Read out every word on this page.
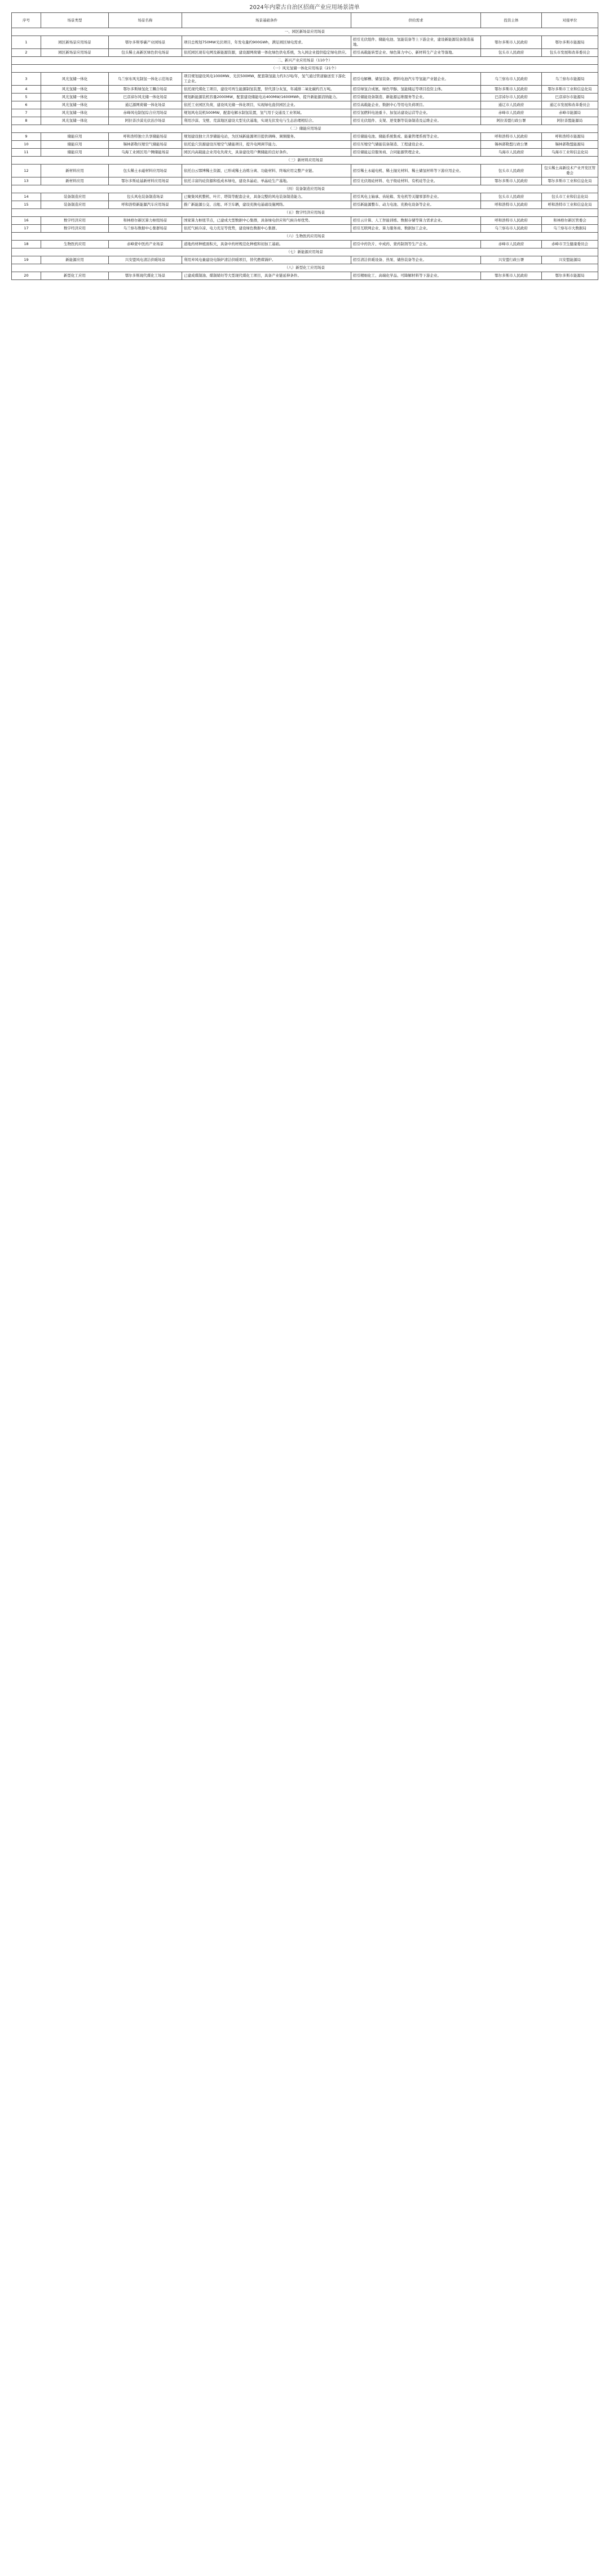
2024年内蒙古自治区招商产业应用场景清单
序号	场景类型	场景名称	场景基础条件	供给需求	投资主体	对接单位
一、园区新场景应用场景						
1	园区新场景应用场景	鄂尔多斯零碳产业园场景	项目总规划750MW光伏项目，年发电量约900GWh，满足园区绿电需求。	招引光伏组件、储能电池、氢能装备等上下游企业，建设新能源装备制造基地。	鄂尔多斯市人民政府	鄂尔多斯市能源局
2	园区新场景应用场景	包头稀土高新区绿色供电场景	依托园区现有电网及新能源资源，建设源网荷储一体化绿色供电系统，为入园企业提供稳定绿电供应。	招引高载能转型企业、绿色算力中心、新材料生产企业等落地。	包头市人民政府	包头市发展和改革委员会
二、新兴产业应用场景（110个）						
（一）风光氢储一体化应用场景（21个）						
3	风光氢储一体化	乌兰察布风光制氢一体化示范场景	项目规划建设风电1000MW、光伏500MW，配套制氢能力约3万吨/年，氢气通过管道输送至下游化工企业。	招引电解槽、储氢装备、燃料电池汽车等氢能产业链企业。	乌兰察布市人民政府	乌兰察布市能源局
4	风光氢储一体化	鄂尔多斯绿氢化工耦合场景	依托现代煤化工项目，建设可再生能源制氢装置，替代部分灰氢，年减排二氧化碳约百万吨。	招引绿氢合成氨、绿色甲醇、氢能储运等项目投资主体。	鄂尔多斯市人民政府	鄂尔多斯市工业和信息化局
5	风光氢储一体化	巴彦淖尔风光储一体化场景	规划新能源装机容量2000MW，配套建设储能电站400MW/1600MWh，提升新能源消纳能力。	招引储能设备制造、新能源运维服务等企业。	巴彦淖尔市人民政府	巴彦淖尔市能源局
6	风光氢储一体化	通辽源网荷储一体化场景	依托工业园区负荷，建设风光储一体化项目，实现绿电直供园区企业。	招引高载能企业、数据中心等用电负荷项目。	通辽市人民政府	通辽市发展和改革委员会
7	风光氢储一体化	赤峰风电制氢综合应用场景	规划风电装机500MW，配套电解水制氢装置，氢气用于交通及工业领域。	招引氢燃料电池重卡、加氢站建设运营等企业。	赤峰市人民政府	赤峰市能源局
8	风光氢储一体化	阿拉善沙漠光伏治沙场景	利用沙漠、戈壁、荒漠地区建设大型光伏基地，实现光伏发电与生态治理相结合。	招引光伏组件、支架、逆变器等装备制造及运维企业。	阿拉善盟行政公署	阿拉善盟能源局
（二）储能应用场景						
9	储能应用	呼和浩特独立共享储能场景	规划建设独立共享储能电站，为区域新能源项目提供调峰、调频服务。	招引储能电池、储能系统集成、能量管理系统等企业。	呼和浩特市人民政府	呼和浩特市能源局
10	储能应用	锡林郭勒压缩空气储能场景	依托盐穴资源建设压缩空气储能项目，提升电网调节能力。	招引压缩空气储能装备制造、工程建设企业。	锡林郭勒盟行政公署	锡林郭勒盟能源局
11	储能应用	乌海工业园区用户侧储能场景	园区内高载能企业用电负荷大，具备建设用户侧储能的良好条件。	招引储能运营服务商、合同能源管理企业。	乌海市人民政府	乌海市工业和信息化局
（三）新材料应用场景						
12	新材料应用	包头稀土永磁材料应用场景	依托白云鄂博稀土资源，已形成稀土冶炼分离、功能材料、终端应用完整产业链。	招引稀土永磁电机、稀土抛光材料、稀土储氢材料等下游应用企业。	包头市人民政府	包头稀土高新技术产业开发区管委会
13	新材料应用	鄂尔多斯硅基新材料应用场景	依托丰富的硅资源和低成本绿电，建设多晶硅、单晶硅生产基地。	招引光伏级硅材料、电子级硅材料、有机硅等企业。	鄂尔多斯市人民政府	鄂尔多斯市工业和信息化局
（四）装备制造应用场景						
14	装备制造应用	包头风电装备制造场景	已聚集风机整机、叶片、塔筒等配套企业，具备完整的风电装备制造能力。	招引风电主轴承、齿轮箱、发电机等关键零部件企业。	包头市人民政府	包头市工业和信息化局
15	装备制造应用	呼和浩特新能源汽车应用场景	推广新能源公交、出租、环卫车辆，建设充换电基础设施网络。	招引新能源整车、动力电池、充换电设备等企业。	呼和浩特市人民政府	呼和浩特市工业和信息化局
（五）数字经济应用场景						
16	数字经济应用	和林格尔新区算力枢纽场景	国家算力枢纽节点，已建成大型数据中心集群，具备绿电供应和气候冷却优势。	招引云计算、人工智能训练、数据存储等算力需求企业。	呼和浩特市人民政府	和林格尔新区管委会
17	数字经济应用	乌兰察布数据中心集群场景	依托气候冷凉、电力充足等优势，建设绿色数据中心集群。	招引互联网企业、算力服务商、数据加工企业。	乌兰察布市人民政府	乌兰察布市大数据局
（六）生物医药应用场景						
18	生物医药应用	赤峰蒙中医药产业场景	道地药材种植面积大，具备中药材规范化种植和初加工基础。	招引中药饮片、中成药、蒙药制剂等生产企业。	赤峰市人民政府	赤峰市卫生健康委员会
（七）新能源应用场景						
19	新能源应用	兴安盟风电清洁供暖场景	利用弃风电量建设电锅炉清洁供暖项目，替代燃煤锅炉。	招引清洁供暖设备、热泵、储热装备等企业。	兴安盟行政公署	兴安盟能源局
（八）新型化工应用场景						
20	新型化工应用	鄂尔多斯现代煤化工场景	已建成煤制油、煤制烯烃等大型现代煤化工项目，具备产业链延伸条件。	招引精细化工、高端化学品、可降解材料等下游企业。	鄂尔多斯市人民政府	鄂尔多斯市能源局
